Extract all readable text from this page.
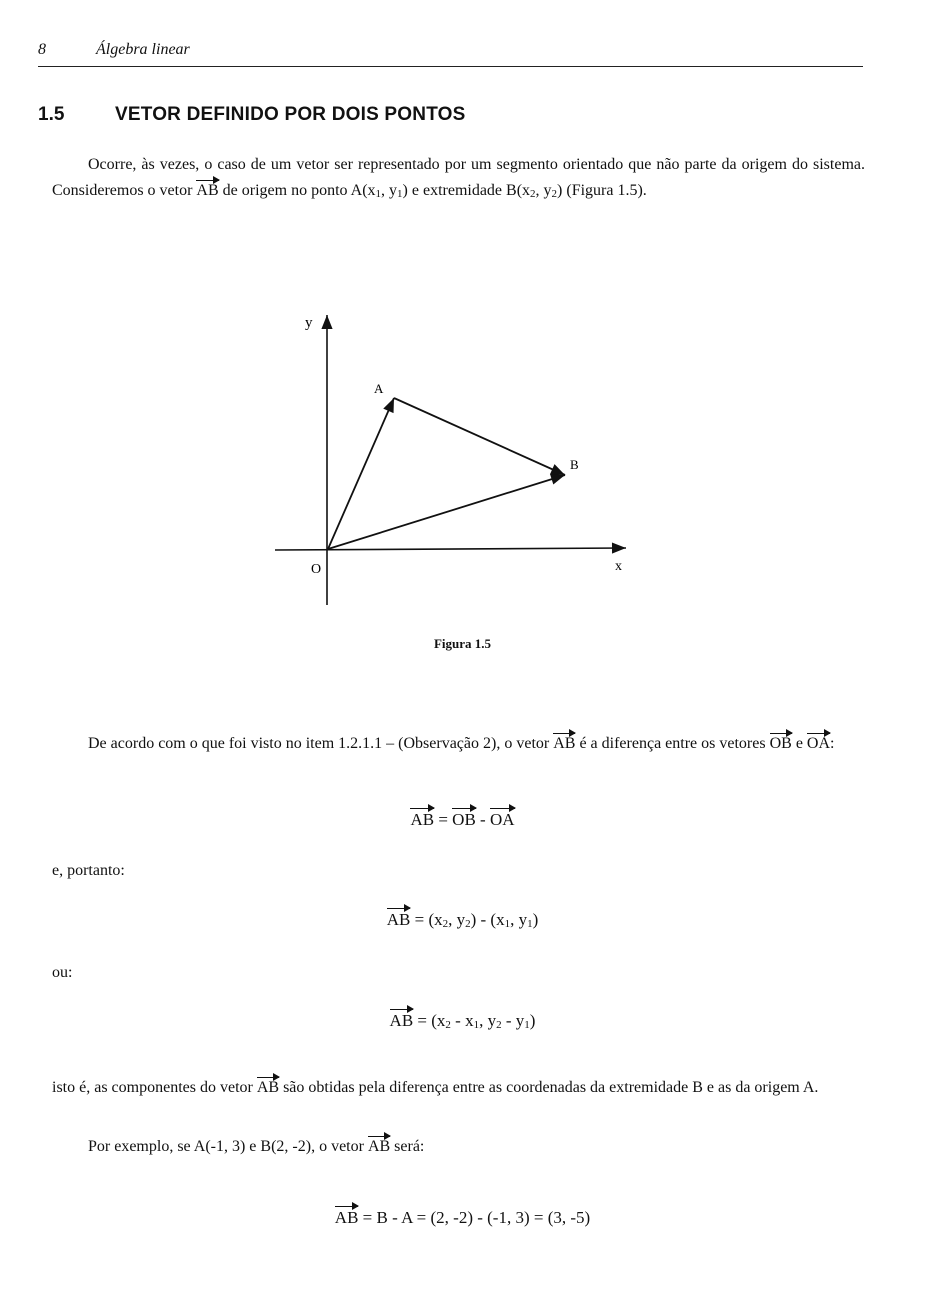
8	Álgebra linear
1.5	VETOR DEFINIDO POR DOIS PONTOS
Ocorre, às vezes, o caso de um vetor ser representado por um segmento orientado que não parte da origem do sistema. Consideremos o vetor AB de origem no ponto $A(x_1$, $y_1$) e extremidade $B(x_2$, $y_2$) (Figura 1.5).
y
x
O
A
B
Figura 1.5
De acordo com o que foi visto no item 1.2.1.1 – (Observação 2), o vetor AB é a diferença entre os vetores OB e OA:
AB = OB - OA
e, portanto:
AB = ($x_2$, $y_2) - (x_1$, $y_1$)
ou:
AB = ($x_2 - x_1$, $y_2 - y_1$)
isto é, as componentes do vetor AB são obtidas pela diferença entre as coordenadas da extremidade B e as da origem A.
Por exemplo, se A(-1, 3) e B(2, -2), o vetor AB será:
AB = B - A = (2, -2) - (-1, 3) = (3, -5)
